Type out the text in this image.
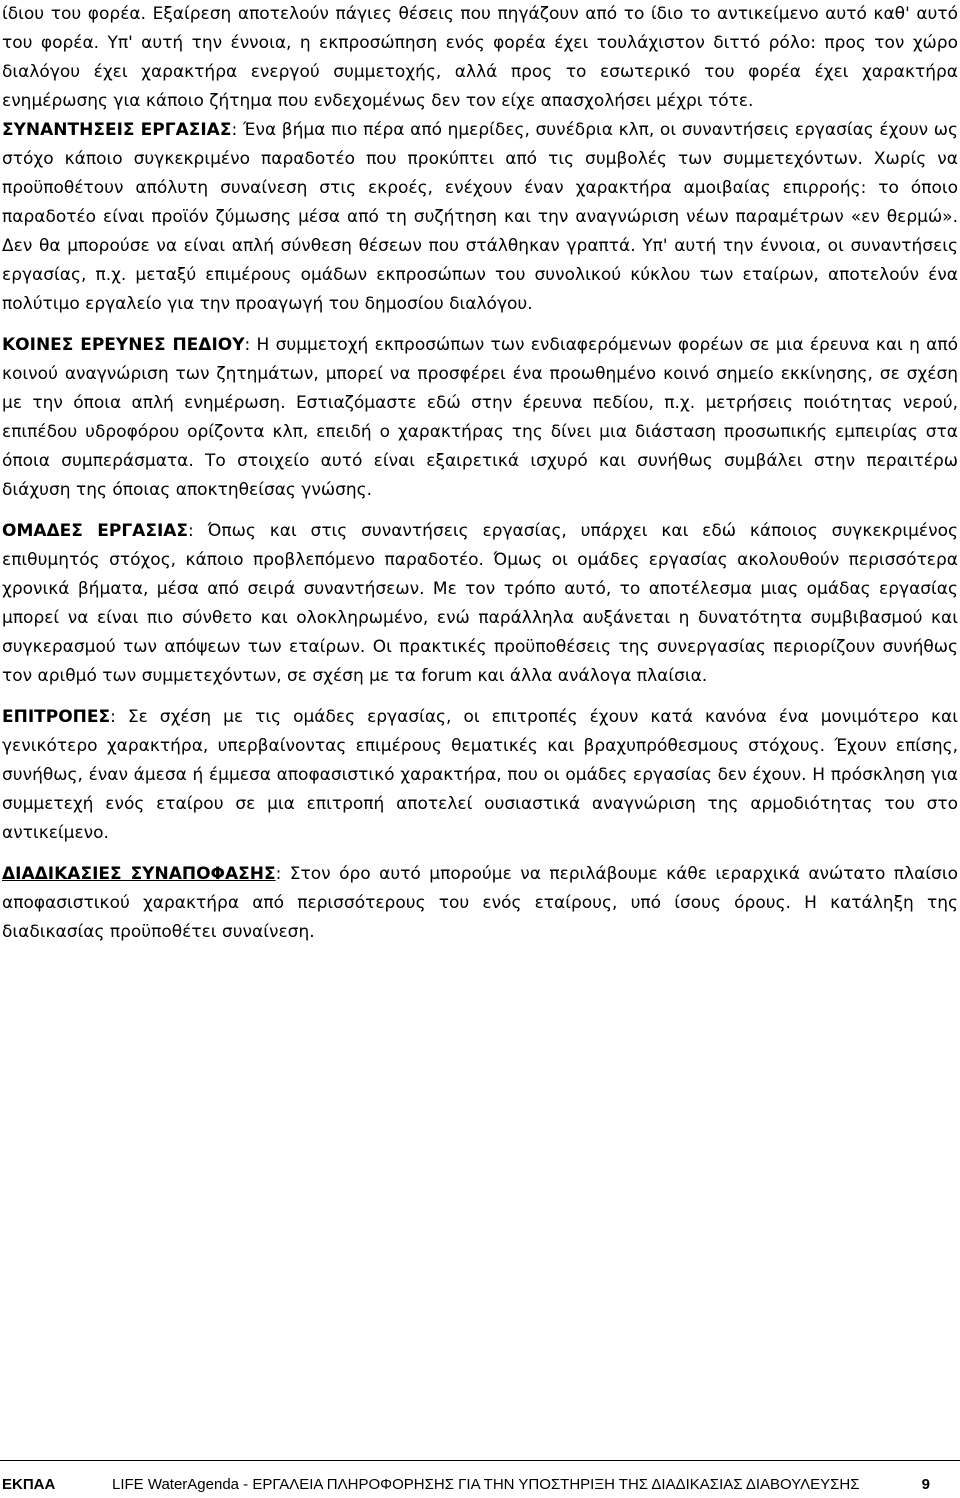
ίδιου του φορέα. Εξαίρεση αποτελούν πάγιες θέσεις που πηγάζουν από το ίδιο το αντικείμενο αυτό καθ' αυτό του φορέα. Υπ' αυτή την έννοια, η εκπροσώπηση ενός φορέα έχει τουλάχιστον διττό ρόλο: προς τον χώρο διαλόγου έχει χαρακτήρα ενεργού συμμετοχής, αλλά προς το εσωτερικό του φορέα έχει χαρακτήρα ενημέρωσης για κάποιο ζήτημα που ενδεχομένως δεν τον είχε απασχολήσει μέχρι τότε.

ΣΥΝΑΝΤΗΣΕΙΣ ΕΡΓΑΣΙΑΣ: Ένα βήμα πιο πέρα από ημερίδες, συνέδρια κλπ, οι συναντήσεις εργασίας έχουν ως στόχο κάποιο συγκεκριμένο παραδοτέο που προκύπτει από τις συμβολές των συμμετεχόντων. Χωρίς να προϋποθέτουν απόλυτη συναίνεση στις εκροές, ενέχουν έναν χαρακτήρα αμοιβαίας επιρροής: το όποιο παραδοτέο είναι προϊόν ζύμωσης μέσα από τη συζήτηση και την αναγνώριση νέων παραμέτρων «εν θερμώ». Δεν θα μπορούσε να είναι απλή σύνθεση θέσεων που στάλθηκαν γραπτά. Υπ' αυτή την έννοια, οι συναντήσεις εργασίας, π.χ. μεταξύ επιμέρους ομάδων εκπροσώπων του συνολικού κύκλου των εταίρων, αποτελούν ένα πολύτιμο εργαλείο για την προαγωγή του δημοσίου διαλόγου.

ΚΟΙΝΕΣ ΕΡΕΥΝΕΣ ΠΕΔΙΟΥ: Η συμμετοχή εκπροσώπων των ενδιαφερόμενων φορέων σε μια έρευνα και η από κοινού αναγνώριση των ζητημάτων, μπορεί να προσφέρει ένα προωθημένο κοινό σημείο εκκίνησης, σε σχέση με την όποια απλή ενημέρωση. Εστιαζόμαστε εδώ στην έρευνα πεδίου, π.χ. μετρήσεις ποιότητας νερού, επιπέδου υδροφόρου ορίζοντα κλπ, επειδή ο χαρακτήρας της δίνει μια διάσταση προσωπικής εμπειρίας στα όποια συμπεράσματα. Το στοιχείο αυτό είναι εξαιρετικά ισχυρό και συνήθως συμβάλει στην περαιτέρω διάχυση της όποιας αποκτηθείσας γνώσης.

ΟΜΑΔΕΣ ΕΡΓΑΣΙΑΣ: Όπως και στις συναντήσεις εργασίας, υπάρχει και εδώ κάποιος συγκεκριμένος επιθυμητός στόχος, κάποιο προβλεπόμενο παραδοτέο. Όμως οι ομάδες εργασίας ακολουθούν περισσότερα χρονικά βήματα, μέσα από σειρά συναντήσεων. Με τον τρόπο αυτό, το αποτέλεσμα μιας ομάδας εργασίας μπορεί να είναι πιο σύνθετο και ολοκληρωμένο, ενώ παράλληλα αυξάνεται η δυνατότητα συμβιβασμού και συγκερασμού των απόψεων των εταίρων. Οι πρακτικές προϋποθέσεις της συνεργασίας περιορίζουν συνήθως τον αριθμό των συμμετεχόντων, σε σχέση με τα forum και άλλα ανάλογα πλαίσια.

ΕΠΙΤΡΟΠΕΣ: Σε σχέση με τις ομάδες εργασίας, οι επιτροπές έχουν κατά κανόνα ένα μονιμότερο και γενικότερο χαρακτήρα, υπερβαίνοντας επιμέρους θεματικές και βραχυπρόθεσμους στόχους. Έχουν επίσης, συνήθως, έναν άμεσα ή έμμεσα αποφασιστικό χαρακτήρα, που οι ομάδες εργασίας δεν έχουν. Η πρόσκληση για συμμετεχή ενός εταίρου σε μια επιτροπή αποτελεί ουσιαστικά αναγνώριση της αρμοδιότητας του στο αντικείμενο.

ΔΙΑΔΙΚΑΣΙΕΣ ΣΥΝΑΠΟΦΑΣΗΣ: Στον όρο αυτό μπορούμε να περιλάβουμε κάθε ιεραρχικά ανώτατο πλαίσιο αποφασιστικού χαρακτήρα από περισσότερους του ενός εταίρους, υπό ίσους όρους. Η κατάληξη της διαδικασίας προϋποθέτει συναίνεση.

ΕΚΠΑΑ	LIFE WaterAgenda - ΕΡΓΑΛΕΙΑ ΠΛΗΡΟΦΟΡΗΣΗΣ ΓΙΑ ΤΗΝ ΥΠΟΣΤΗΡΙΞΗ ΤΗΣ ΔΙΑΔΙΚΑΣΙΑΣ ΔΙΑΒΟΥΛΕΥΣΗΣ	9
